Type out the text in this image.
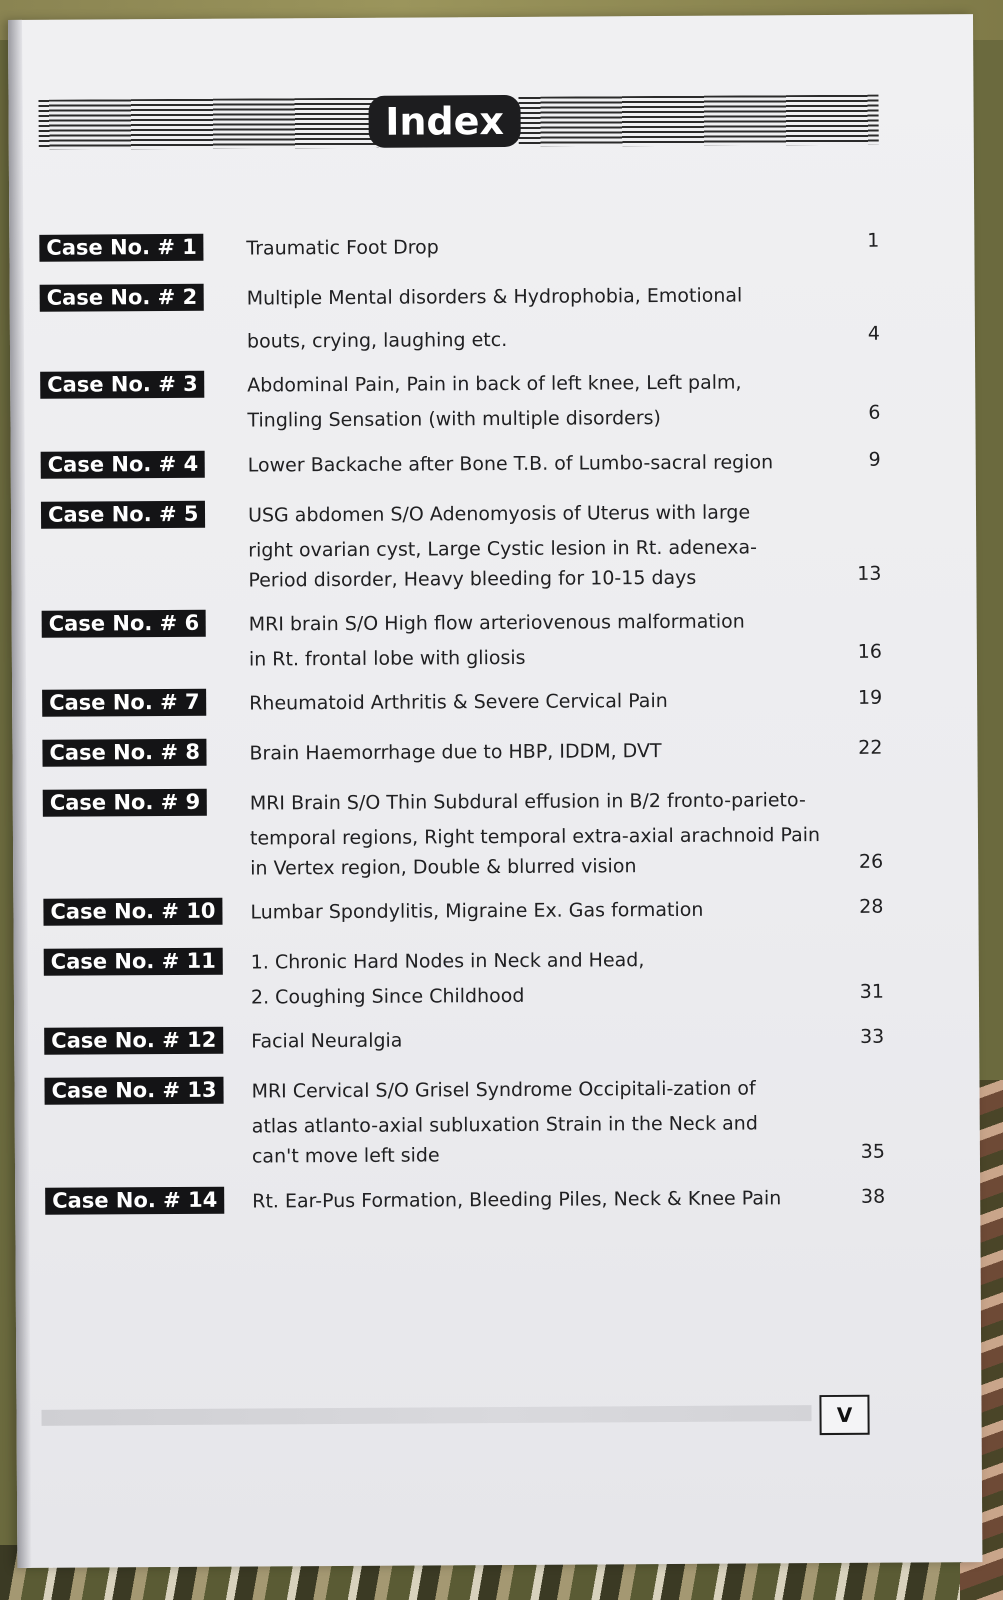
Index
Case No. # 1	Traumatic Foot Drop	1
Case No. # 2	Multiple Mental disorders & Hydrophobia, Emotional
bouts, crying, laughing etc.	4
Case No. # 3	Abdominal Pain, Pain in back of left knee, Left palm,
Tingling Sensation (with multiple disorders)	6
Case No. # 4	Lower Backache after Bone T.B. of Lumbo-sacral region	9
Case No. # 5	USG abdomen S/O Adenomyosis of Uterus with large
right ovarian cyst, Large Cystic lesion in Rt. adenexa-
Period disorder, Heavy bleeding for 10-15 days	13
Case No. # 6	MRI brain S/O High flow arteriovenous malformation
in Rt. frontal lobe with gliosis	16
Case No. # 7	Rheumatoid Arthritis & Severe Cervical Pain	19
Case No. # 8	Brain Haemorrhage due to HBP, IDDM, DVT	22
Case No. # 9	MRI Brain S/O Thin Subdural effusion in B/2 fronto-parieto-
temporal regions, Right temporal extra-axial arachnoid Pain
in Vertex region, Double & blurred vision	26
Case No. # 10	Lumbar Spondylitis, Migraine Ex. Gas formation	28
Case No. # 11	1. Chronic Hard Nodes in Neck and Head,
2. Coughing Since Childhood	31
Case No. # 12	Facial Neuralgia	33
Case No. # 13	MRI Cervical S/O Grisel Syndrome Occipitali-zation of
atlas atlanto-axial subluxation Strain in the Neck and
can't move left side	35
Case No. # 14	Rt. Ear-Pus Formation, Bleeding Piles, Neck & Knee Pain	38
V
